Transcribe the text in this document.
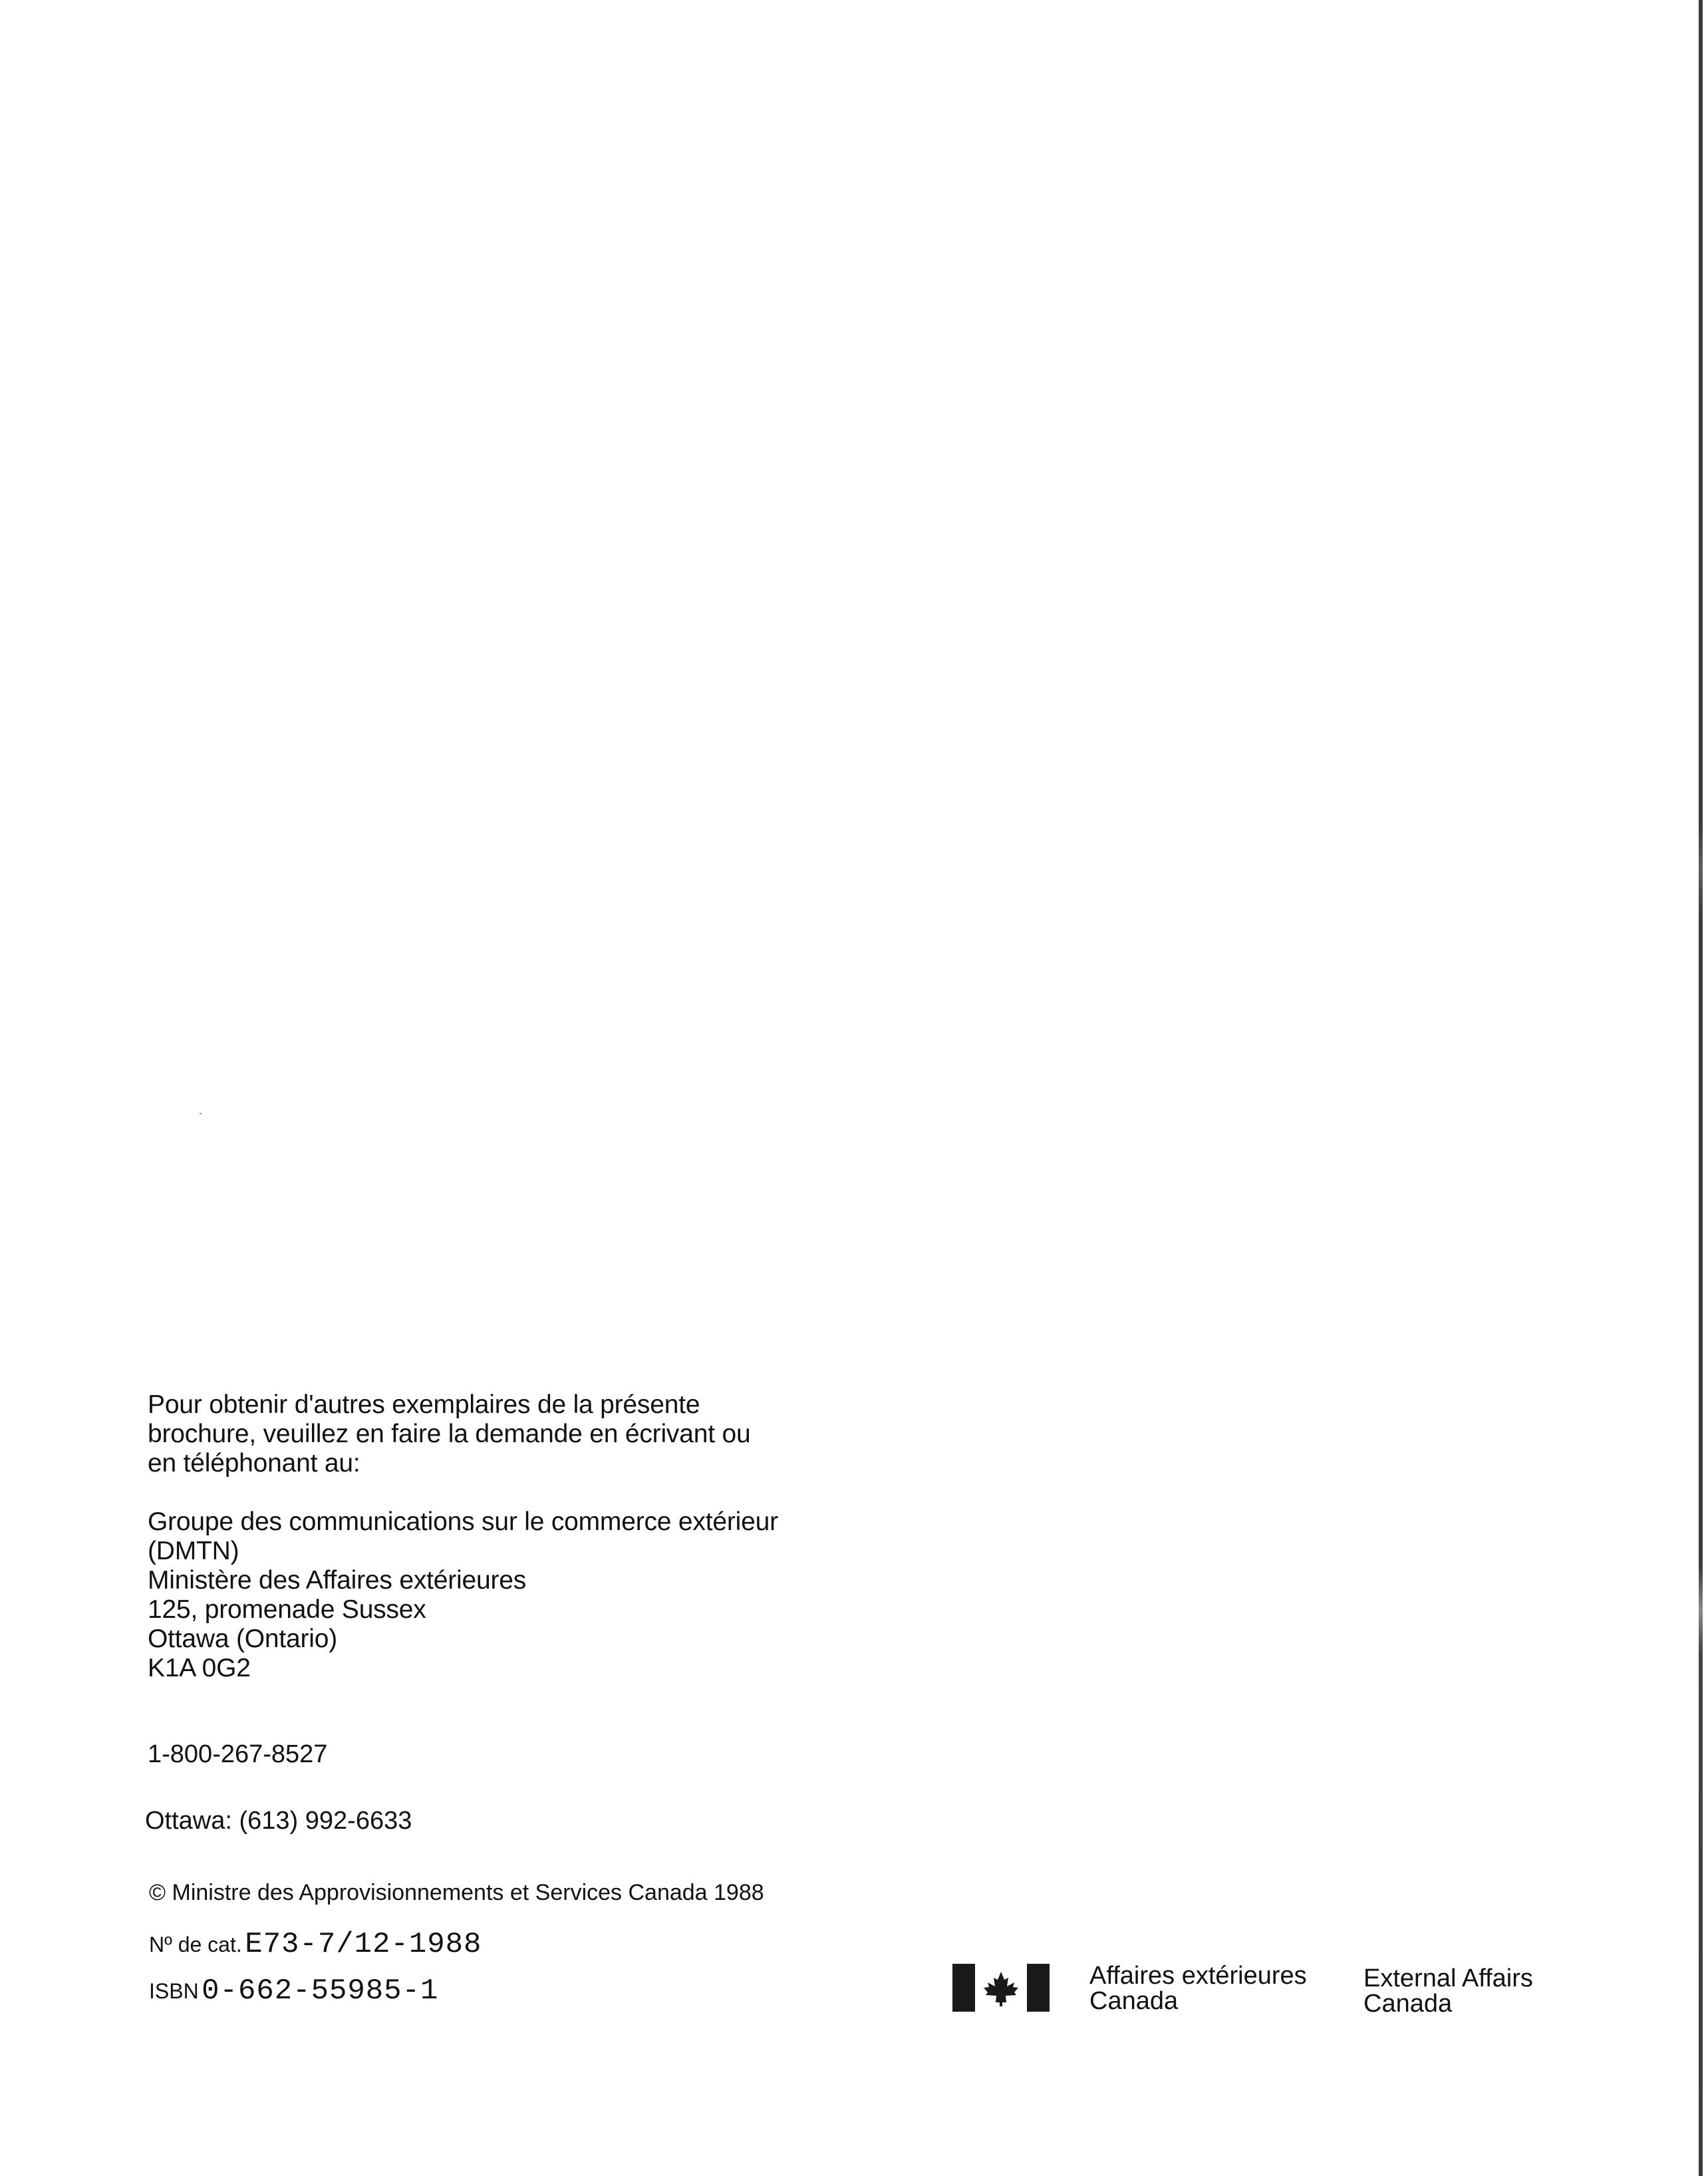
Pour obtenir d'autres exemplaires de la présente
brochure, veuillez en faire la demande en écrivant ou
en téléphonant au:

Groupe des communications sur le commerce extérieur
(DMTN)
Ministère des Affaires extérieures
125, promenade Sussex
Ottawa (Ontario)
K1A 0G2

1-800-267-8527
Ottawa: (613) 992-6633
© Ministre des Approvisionnements et Services Canada 1988
Nº de cat. E73-7/12-1988
ISBN 0-662-55985-1	Affaires extérieures
Canada
External Affairs
Canada
